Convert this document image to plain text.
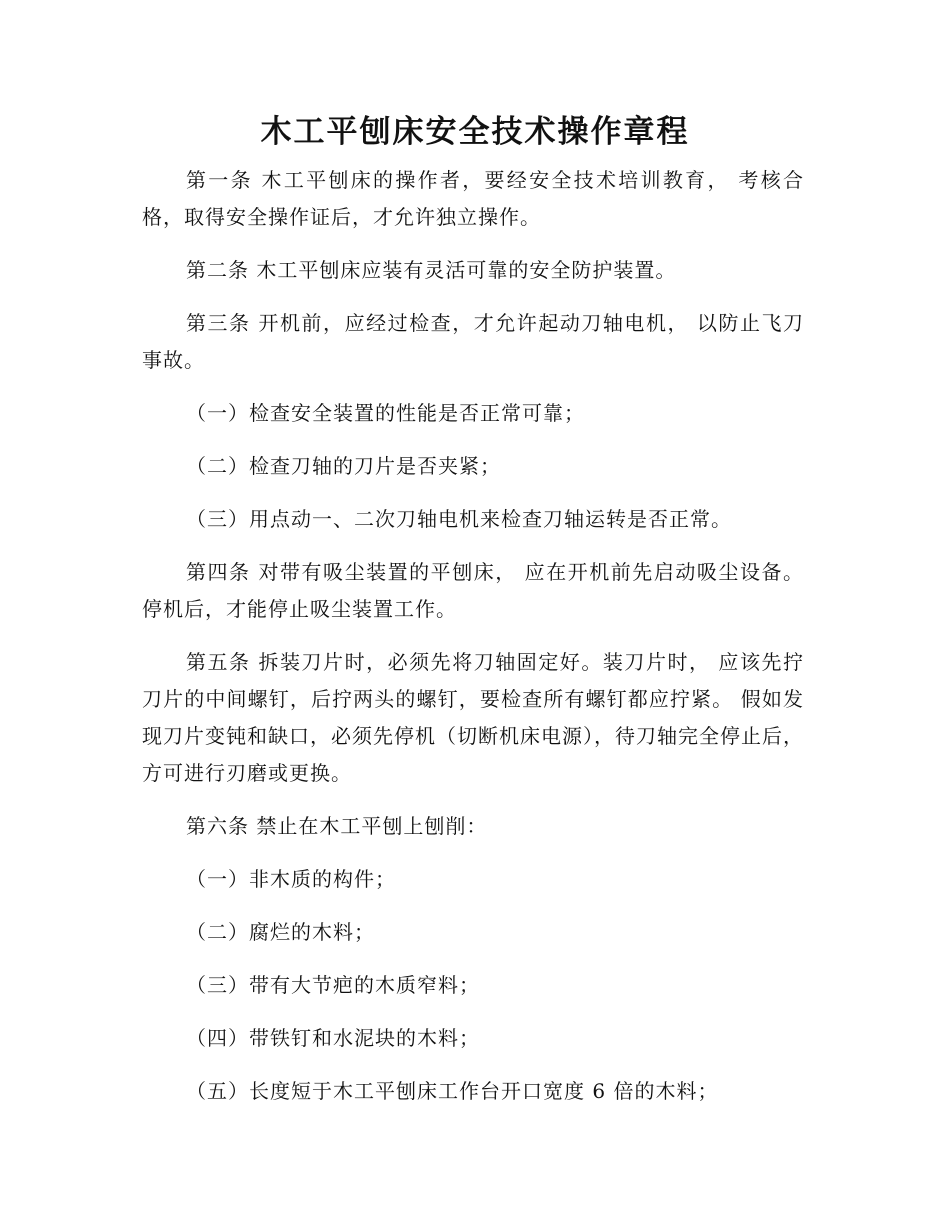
木工平刨床安全技术操作章程

第一条 木工平刨床的操作者，要经安全技术培训教育， 考核合格，取得安全操作证后，才允许独立操作。

第二条 木工平刨床应装有灵活可靠的安全防护装置。

第三条 开机前，应经过检查，才允许起动刀轴电机， 以防止飞刀事故。

（一）检查安全装置的性能是否正常可靠；

（二）检查刀轴的刀片是否夹紧；

（三）用点动一、二次刀轴电机来检查刀轴运转是否正常。

第四条 对带有吸尘装置的平刨床， 应在开机前先启动吸尘设备。停机后，才能停止吸尘装置工作。

第五条 拆装刀片时，必须先将刀轴固定好。装刀片时， 应该先拧刀片的中间螺钉，后拧两头的螺钉，要检查所有螺钉都应拧紧。 假如发现刀片变钝和缺口，必须先停机（切断机床电源），待刀轴完全停止后， 方可进行刃磨或更换。

第六条 禁止在木工平刨上刨削：

（一）非木质的构件；

（二）腐烂的木料；

（三）带有大节疤的木质窄料；

（四）带铁钉和水泥块的木料；

（五）长度短于木工平刨床工作台开口宽度 6 倍的木料；
